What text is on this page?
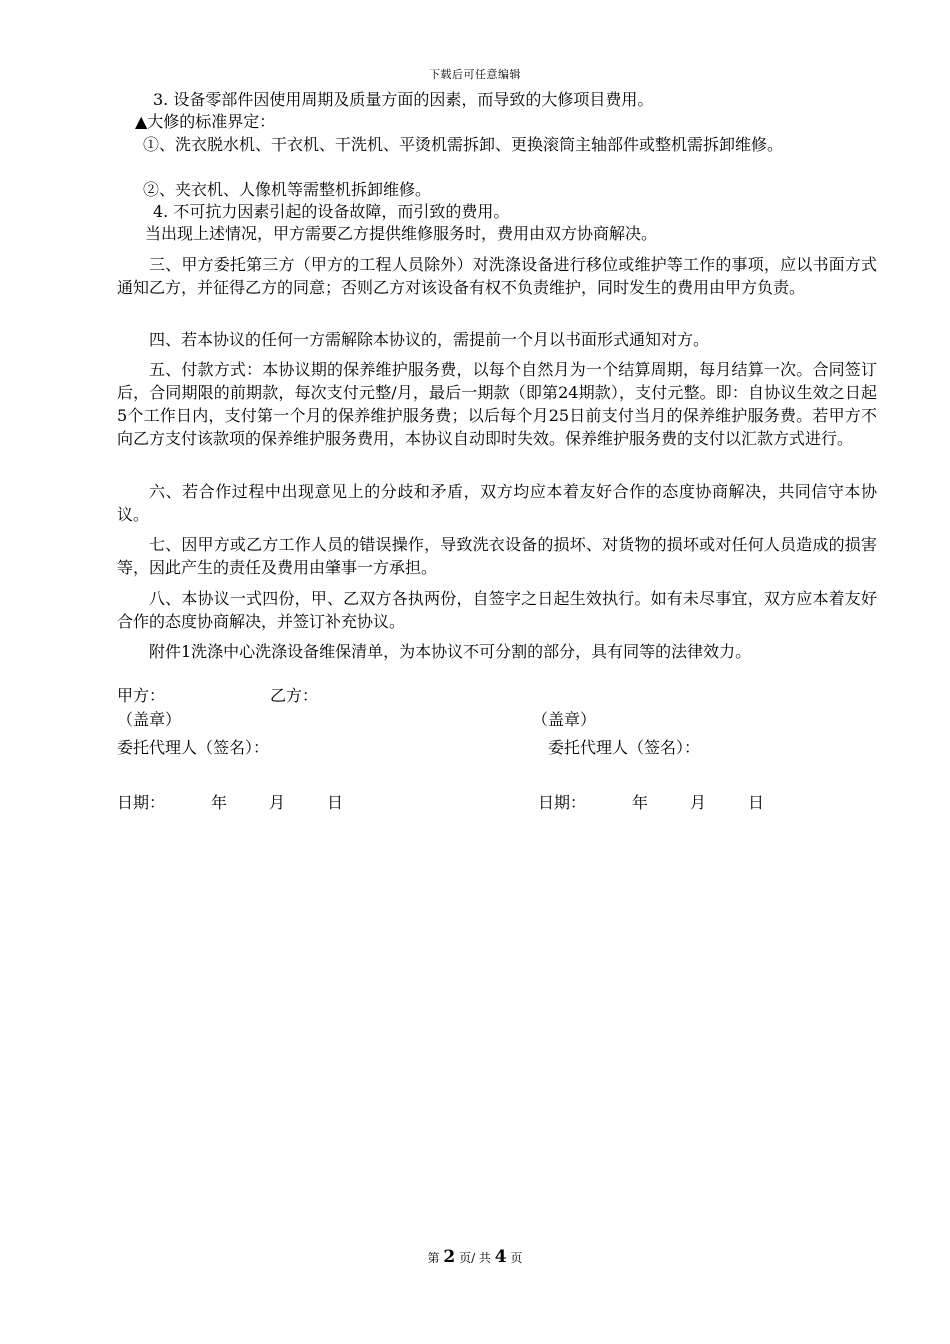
下载后可任意编辑
3. 设备零部件因使用周期及质量方面的因素，而导致的大修项目费用。
▲大修的标准界定：
①、洗衣脱水机、干衣机、干洗机、平烫机需拆卸、更换滚筒主轴部件或整机需拆卸维修。
②、夹衣机、人像机等需整机拆卸维修。
4. 不可抗力因素引起的设备故障，而引致的费用。
当出现上述情况，甲方需要乙方提供维修服务时，费用由双方协商解决。
三、甲方委托第三方（甲方的工程人员除外）对洗涤设备进行移位或维护等工作的事项，应以书面方式通知乙方，并征得乙方的同意；否则乙方对该设备有权不负责维护，同时发生的费用由甲方负责。
四、若本协议的任何一方需解除本协议的，需提前一个月以书面形式通知对方。
五、付款方式：本协议期的保养维护服务费，以每个自然月为一个结算周期，每月结算一次。合同签订后，合同期限的前期款，每次支付元整/月，最后一期款（即第24期款），支付元整。即：自协议生效之日起5个工作日内，支付第一个月的保养维护服务费；以后每个月25日前支付当月的保养维护服务费。若甲方不向乙方支付该款项的保养维护服务费用，本协议自动即时失效。保养维护服务费的支付以汇款方式进行。
六、若合作过程中出现意见上的分歧和矛盾，双方均应本着友好合作的态度协商解决，共同信守本协议。
七、因甲方或乙方工作人员的错误操作，导致洗衣设备的损坏、对货物的损坏或对任何人员造成的损害等，因此产生的责任及费用由肇事一方承担。
八、本协议一式四份，甲、乙双方各执两份，自签字之日起生效执行。如有未尽事宜，双方应本着友好合作的态度协商解决，并签订补充协议。
附件1洗涤中心洗涤设备维保清单，为本协议不可分割的部分，具有同等的法律效力。
甲方：	乙方：
（盖章）	（盖章）
委托代理人（签名）：	委托代理人（签名）：
日期：	年	月	日	日期：	年	月	日
第 2 页/ 共 4 页
